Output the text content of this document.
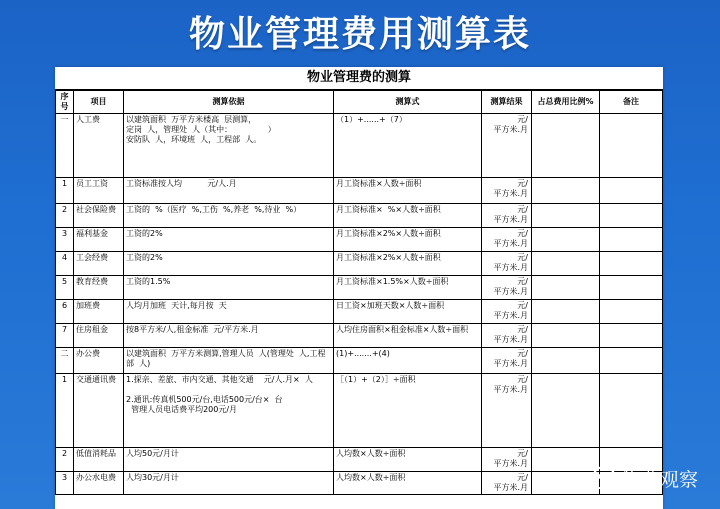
物业管理费用测算表
物业管理费的测算
序号	项目	测算依据	测算式	测算结果	占总费用比例%	备注
一	人工费	以建筑面积  万平方米楼高  层测算，
定岗  人，管理处  人（其中：              ）
安防队  人，环境班  人，工程部  人。	（1）+......+（7）	元/
平方米.月		
1	员工工资	工资标准按人均          元/人.月	月工资标准×人数÷面积	元/
平方米.月		
2	社会保险费	工资的  %（医疗  %,工伤  %,养老  %,待业  %）	月工资标准×  %×人数÷面积	元/
平方米.月		
3	福利基金	工资的2%	月工资标准×2%×人数÷面积	元/
平方米.月		
4	工会经费	工资的2%	月工资标准×2%×人数÷面积	元/
平方米.月		
5	教育经费	工资的1.5%	月工资标准×1.5%×人数÷面积	元/
平方米.月		
6	加班费	人均月加班  天计,每月按  天	日工资×加班天数×人数÷面积	元/
平方米.月		
7	住房租金	按8平方米/人,租金标准  元/平方米.月	人均住房面积×租金标准×人数÷面积	元/
平方米.月		
二	办公费	以建筑面积  万平方米测算,管理人员  人(管理处  人,工程部  人)	(1)+.......+(4)	元/
平方米.月		
1	交通通讯费	1.探亲、差旅、市内交通、其他交通    元/人.月×  人

2.通讯:传真机500元/台,电话500元/台×  台
管理人员电话费平均200元/月	［（1）+（2）］÷面积	元/
平方米.月		
2	低值消耗品	人均50元/月计	人均数×人数÷面积	元/
平方米.月		
3	办公水电费	人均30元/月计	人均数×人数÷面积	元/
平方米.月			物业观察
